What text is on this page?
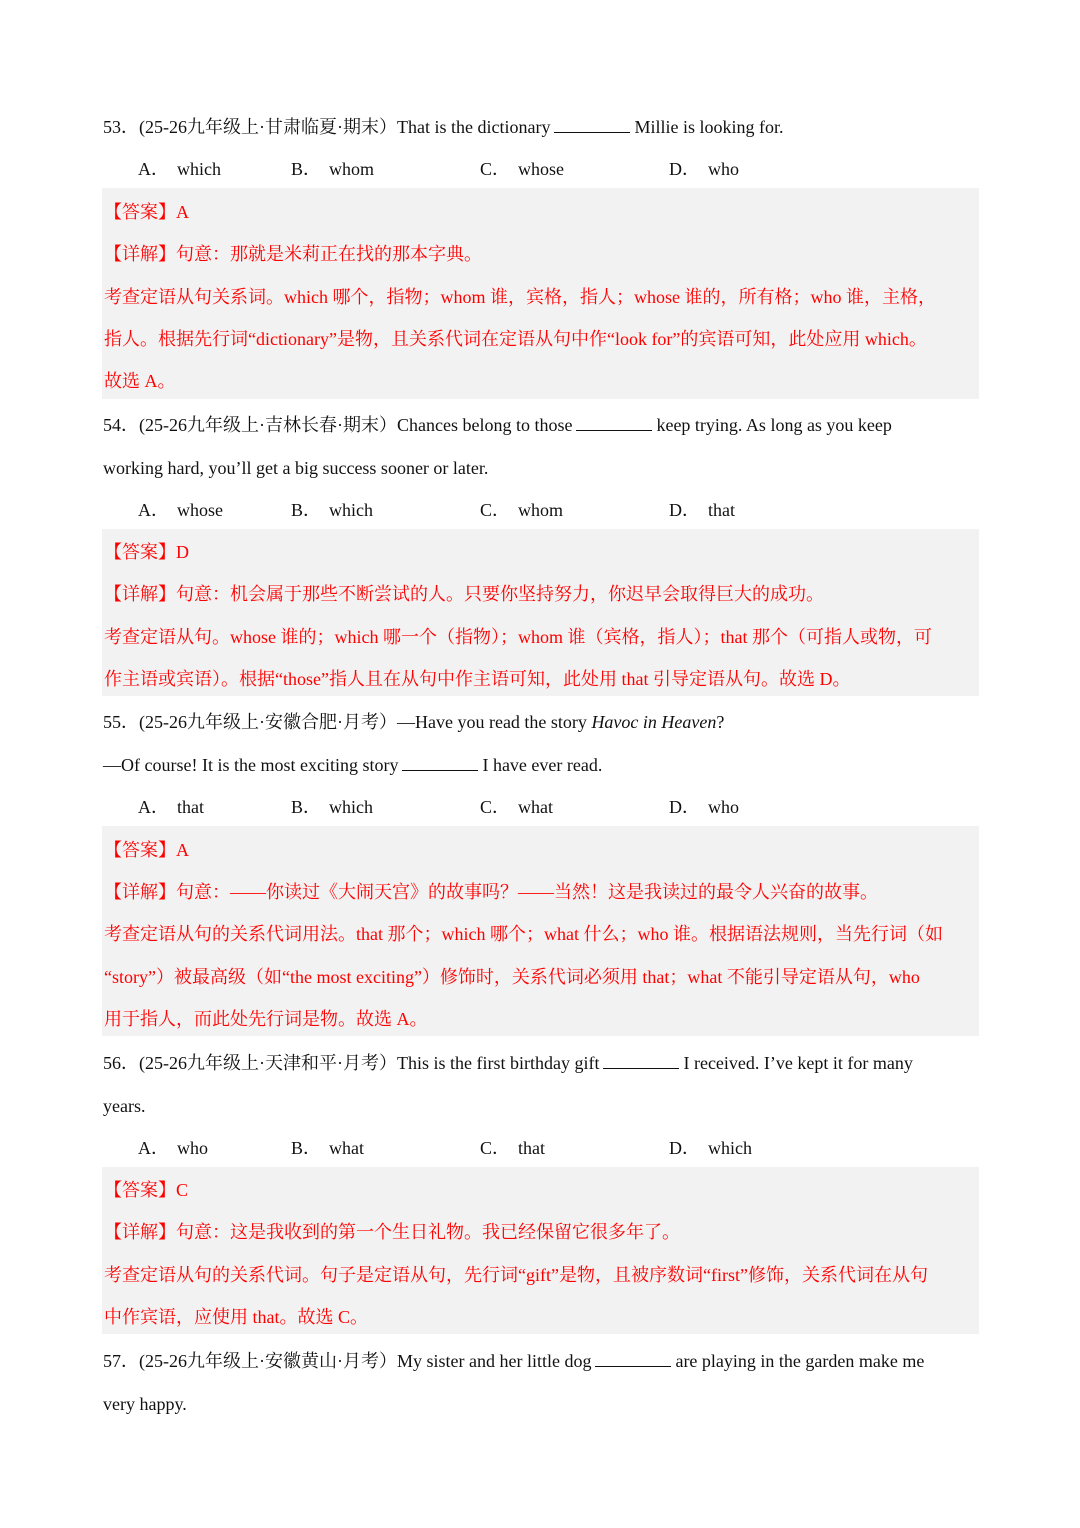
53．(25-26九年级上·甘肃临夏·期末）That is the dictionary	Millie is looking for.
A． which	B． whom	C． whose	D． who
【答案】A
【详解】句意：那就是米莉正在找的那本字典。
考查定语从句关系词。which 哪个，指物；whom 谁，宾格，指人；whose 谁的，所有格；who 谁，主格，
指人。根据先行词“dictionary”是物，且关系代词在定语从句中作“look for”的宾语可知，此处应用 which。
故选 A。
54．(25-26九年级上·吉林长春·期末）Chances belong to those	keep trying. As long as you keep
working hard, you’ll get a big success sooner or later.
A． whose	B． which	C． whom	D． that
【答案】D
【详解】句意：机会属于那些不断尝试的人。只要你坚持努力，你迟早会取得巨大的成功。
考查定语从句。whose 谁的；which 哪一个（指物）；whom 谁（宾格，指人）；that 那个（可指人或物，可
作主语或宾语）。根据“those”指人且在从句中作主语可知，此处用 that 引导定语从句。故选 D。
55．(25-26九年级上·安徽合肥·月考）—Have you read the story Havoc in Heaven?
—Of course! It is the most exciting story	I have ever read.
A． that	B． which	C． what	D． who
【答案】A
【详解】句意：——你读过《大闹天宫》的故事吗？——当然！这是我读过的最令人兴奋的故事。
考查定语从句的关系代词用法。that 那个；which 哪个；what 什么；who 谁。根据语法规则，当先行词（如
“story”）被最高级（如“the most exciting”）修饰时，关系代词必须用 that；what 不能引导定语从句，who
用于指人，而此处先行词是物。故选 A。
56．(25-26九年级上·天津和平·月考）This is the first birthday gift	I received. I’ve kept it for many
years.
A． who	B． what	C． that	D． which
【答案】C
【详解】句意：这是我收到的第一个生日礼物。我已经保留它很多年了。
考查定语从句的关系代词。句子是定语从句，先行词“gift”是物，且被序数词“first”修饰，关系代词在从句
中作宾语，应使用 that。故选 C。
57．(25-26九年级上·安徽黄山·月考）My sister and her little dog	are playing in the garden make me
very happy.
